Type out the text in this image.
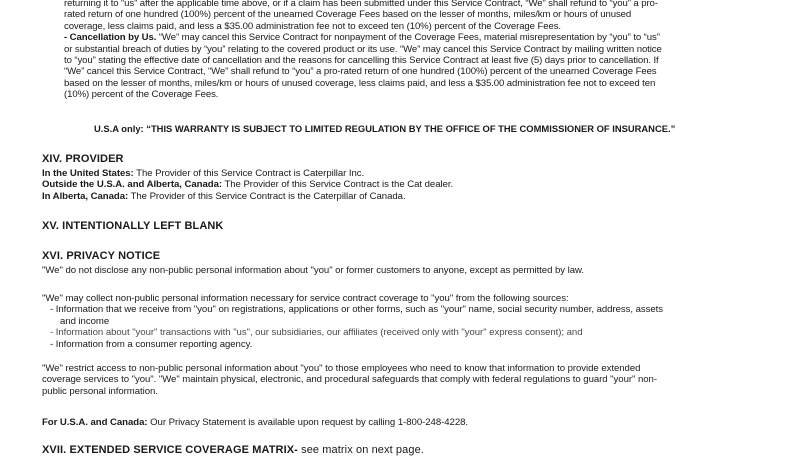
returning it to “us” after the applicable time above, or if a claim has been submitted under this Service Contract, “We” shall refund to “you” a pro-
rated return of one hundred (100%) percent of the unearned Coverage Fees based on the lesser of months, miles/km or hours of unused
coverage, less claims paid, and less a $35.00 administration fee not to exceed ten (10%) percent of the Coverage Fees.
- Cancellation by Us. “We” may cancel this Service Contract for nonpayment of the Coverage Fees, material misrepresentation by “you” to “us”
or substantial breach of duties by “you” relating to the covered product or its use. “We” may cancel this Service Contract by mailing written notice
to “you” stating the effective date of cancellation and the reasons for cancelling this Service Contract at least five (5) days prior to cancellation. If
“We” cancel this Service Contract, “We” shall refund to “you” a pro-rated return of one hundred (100%) percent of the unearned Coverage Fees
based on the lesser of months, miles/km or hours of unused coverage, less claims paid, and less a $35.00 administration fee not to exceed ten
(10%) percent of the Coverage Fees.
U.S.A only: “THIS WARRANTY IS SUBJECT TO LIMITED REGULATION BY THE OFFICE OF THE COMMISSIONER OF INSURANCE.”
XIV. PROVIDER
In the United States: The Provider of this Service Contract is Caterpillar Inc.
Outside the U.S.A. and Alberta, Canada: The Provider of this Service Contract is the Cat dealer.
In Alberta, Canada: The Provider of this Service Contract is the Caterpillar of Canada.
XV. INTENTIONALLY LEFT BLANK
XVI. PRIVACY NOTICE
"We" do not disclose any non-public personal information about "you" or former customers to anyone, except as permitted by law.
"We" may collect non-public personal information necessary for service contract coverage to "you" from the following sources:
- Information that we receive from "you" on registrations, applications or other forms, such as "your" name, social security number, address, assets
and income
- Information about "your" transactions with "us", our subsidiaries, our affiliates (received only with "your" express consent); and
- Information from a consumer reporting agency.
"We" restrict access to non-public personal information about "you" to those employees who need to know that information to provide extended
coverage services to "you". "We" maintain physical, electronic, and procedural safeguards that comply with federal regulations to guard "your" non-
public personal information.
For U.S.A. and Canada: Our Privacy Statement is available upon request by calling 1-800-248-4228.
XVII. EXTENDED SERVICE COVERAGE MATRIX- see matrix on next page.
